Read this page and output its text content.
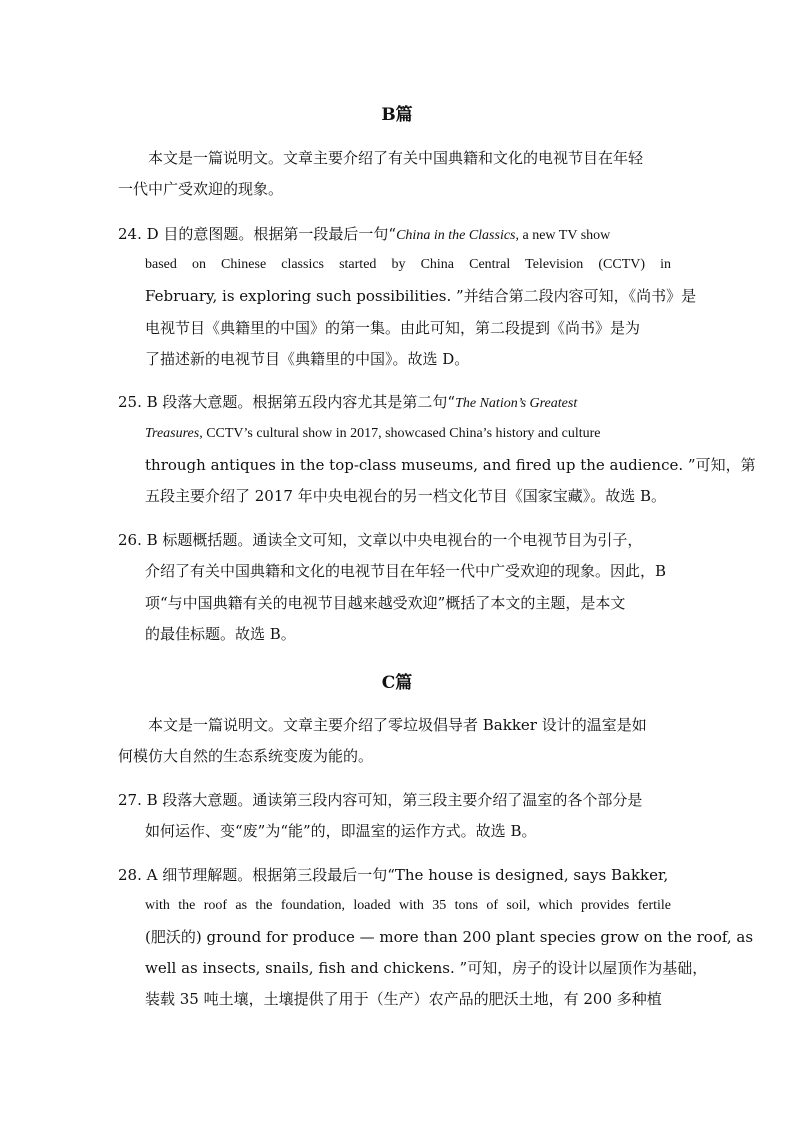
B篇
本文是一篇说明文。文章主要介绍了有关中国典籍和文化的电视节目在年轻
一代中广受欢迎的现象。
24. D 目的意图题。根据第一段最后一句“China in the Classics, a new TV show
based on Chinese classics started by China Central Television (CCTV) in
February, is exploring such possibilities. ”并结合第二段内容可知，《尚书》是
电视节目《典籍里的中国》的第一集。由此可知，第二段提到《尚书》是为
了描述新的电视节目《典籍里的中国》。故选 D。
25. B 段落大意题。根据第五段内容尤其是第二句“The Nation’s Greatest
Treasures, CCTV’s cultural show in 2017, showcased China’s history and culture
through antiques in the top-class museums, and fired up the audience. ”可知，第
五段主要介绍了 2017 年中央电视台的另一档文化节目《国家宝藏》。故选 B。
26. B 标题概括题。通读全文可知，文章以中央电视台的一个电视节目为引子，
介绍了有关中国典籍和文化的电视节目在年轻一代中广受欢迎的现象。因此，B
项“与中国典籍有关的电视节目越来越受欢迎”概括了本文的主题，是本文
的最佳标题。故选 B。
C篇
本文是一篇说明文。文章主要介绍了零垃圾倡导者 Bakker 设计的温室是如
何模仿大自然的生态系统变废为能的。
27. B 段落大意题。通读第三段内容可知，第三段主要介绍了温室的各个部分是
如何运作、变“废”为“能”的，即温室的运作方式。故选 B。
28. A 细节理解题。根据第三段最后一句“The house is designed, says Bakker,
with the roof as the foundation, loaded with 35 tons of soil, which provides fertile
(肥沃的) ground for produce — more than 200 plant species grow on the roof, as
well as insects, snails, fish and chickens. ”可知，房子的设计以屋顶作为基础，
装载 35 吨土壤，土壤提供了用于（生产）农产品的肥沃土地，有 200 多种植
